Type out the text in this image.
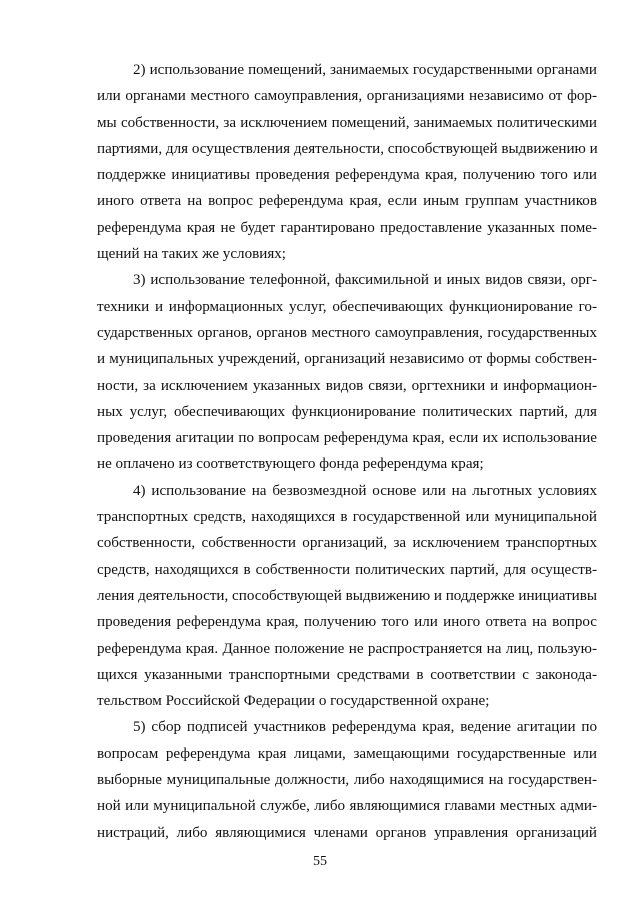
2) использование помещений, занимаемых государственными органами
или органами местного самоуправления, организациями независимо от фор-
мы собственности, за исключением помещений, занимаемых политическими
партиями, для осуществления деятельности, способствующей выдвижению и
поддержке инициативы проведения референдума края, получению того или
иного ответа на вопрос референдума края, если иным группам участников
референдума края не будет гарантировано предоставление указанных поме-
щений на таких же условиях;
3) использование телефонной, факсимильной и иных видов связи, орг-
техники и информационных услуг, обеспечивающих функционирование го-
сударственных органов, органов местного самоуправления, государственных
и муниципальных учреждений, организаций независимо от формы собствен-
ности, за исключением указанных видов связи, оргтехники и информацион-
ных услуг, обеспечивающих функционирование политических партий, для
проведения агитации по вопросам референдума края, если их использование
не оплачено из соответствующего фонда референдума края;
4) использование на безвозмездной основе или на льготных условиях
транспортных средств, находящихся в государственной или муниципальной
собственности, собственности организаций, за исключением транспортных
средств, находящихся в собственности политических партий, для осуществ-
ления деятельности, способствующей выдвижению и поддержке инициативы
проведения референдума края, получению того или иного ответа на вопрос
референдума края. Данное положение не распространяется на лиц, пользую-
щихся указанными транспортными средствами в соответствии с законода-
тельством Российской Федерации о государственной охране;
5) сбор подписей участников референдума края, ведение агитации по
вопросам референдума края лицами, замещающими государственные или
выборные муниципальные должности, либо находящимися на государствен-
ной или муниципальной службе, либо являющимися главами местных адми-
нистраций, либо являющимися членами органов управления организаций
55
